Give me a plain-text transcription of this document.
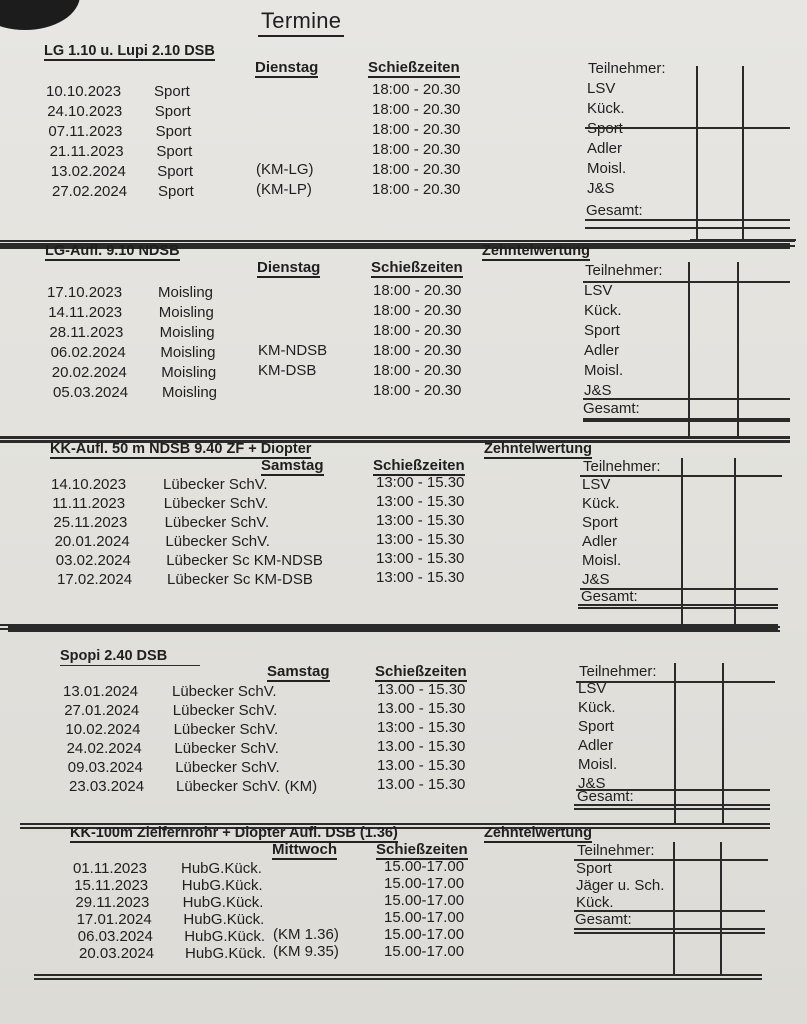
Termine
LG 1.10 u. Lupi 2.10 DSB
Dienstag	Schießzeiten
10.10.2023 Sport	18:00 - 20.30
24.10.2023 Sport	18:00 - 20.30
07.11.2023 Sport	18:00 - 20.30
21.11.2023 Sport	18:00 - 20.30
13.02.2024 Sport	(KM-LG)	18:00 - 20.30
27.02.2024 Sport	(KM-LP)	18:00 - 20.30
Teilnehmer:
LSV
Kück.
Sport
Adler
Moisl.
J&S
Gesamt:
LG-Aufl. 9.10 NDSB	Zehntelwertung
Dienstag	Schießzeiten
17.10.2023 Moisling	18:00 - 20.30
14.11.2023 Moisling	18:00 - 20.30
28.11.2023 Moisling	18:00 - 20.30
06.02.2024 Moisling	KM-NDSB	18:00 - 20.30
20.02.2024 Moisling	KM-DSB	18:00 - 20.30
05.03.2024 Moisling	18:00 - 20.30
Teilnehmer:
LSV
Kück.
Sport
Adler
Moisl.
J&S
Gesamt:
KK-Aufl. 50 m NDSB 9.40 ZF + Diopter	Zehntelwertung
Samstag	Schießzeiten
14.10.2023 Lübecker SchV.	13:00 - 15.30
11.11.2023	Lübecker SchV.	13:00 - 15.30
25.11.2023 Lübecker SchV.	13:00 - 15.30
20.01.2024 Lübecker SchV.	13:00 - 15.30
03.02.2024 Lübecker Sc KM-NDSB	13:00 - 15.30
17.02.2024 Lübecker Sc KM-DSB	13:00 - 15.30
Teilnehmer:
LSV
Kück.
Sport
Adler
Moisl.
J&S
Gesamt:
Spopi 2.40 DSB
Samstag	Schießzeiten
13.01.2024 Lübecker SchV.	13.00 - 15.30
27.01.2024 Lübecker SchV.	13.00 - 15.30
10.02.2024 Lübecker SchV.	13:00 - 15.30
24.02.2024 Lübecker SchV.	13.00 - 15.30
09.03.2024 Lübecker SchV.	13.00 - 15.30
23.03.2024 Lübecker SchV. (KM)	13.00 - 15.30
Teilnehmer:
LSV
Kück.
Sport
Adler
Moisl.
J&S
Gesamt:
KK-100m Zielfernrohr + Diopter Aufl. DSB (1.36)	Zehntelwertung
Mittwoch	Schießzeiten
01.11.2023 HubG.Kück.	15.00-17.00
15.11.2023 HubG.Kück.	15.00-17.00
29.11.2023 HubG.Kück.	15.00-17.00
17.01.2024 HubG.Kück.	15.00-17.00
06.03.2024 HubG.Kück. (KM 1.36)	15.00-17.00
20.03.2024 HubG.Kück. (KM 9.35)	15.00-17.00
Teilnehmer:
Sport
Jäger u. Sch.
Kück.
Gesamt:
